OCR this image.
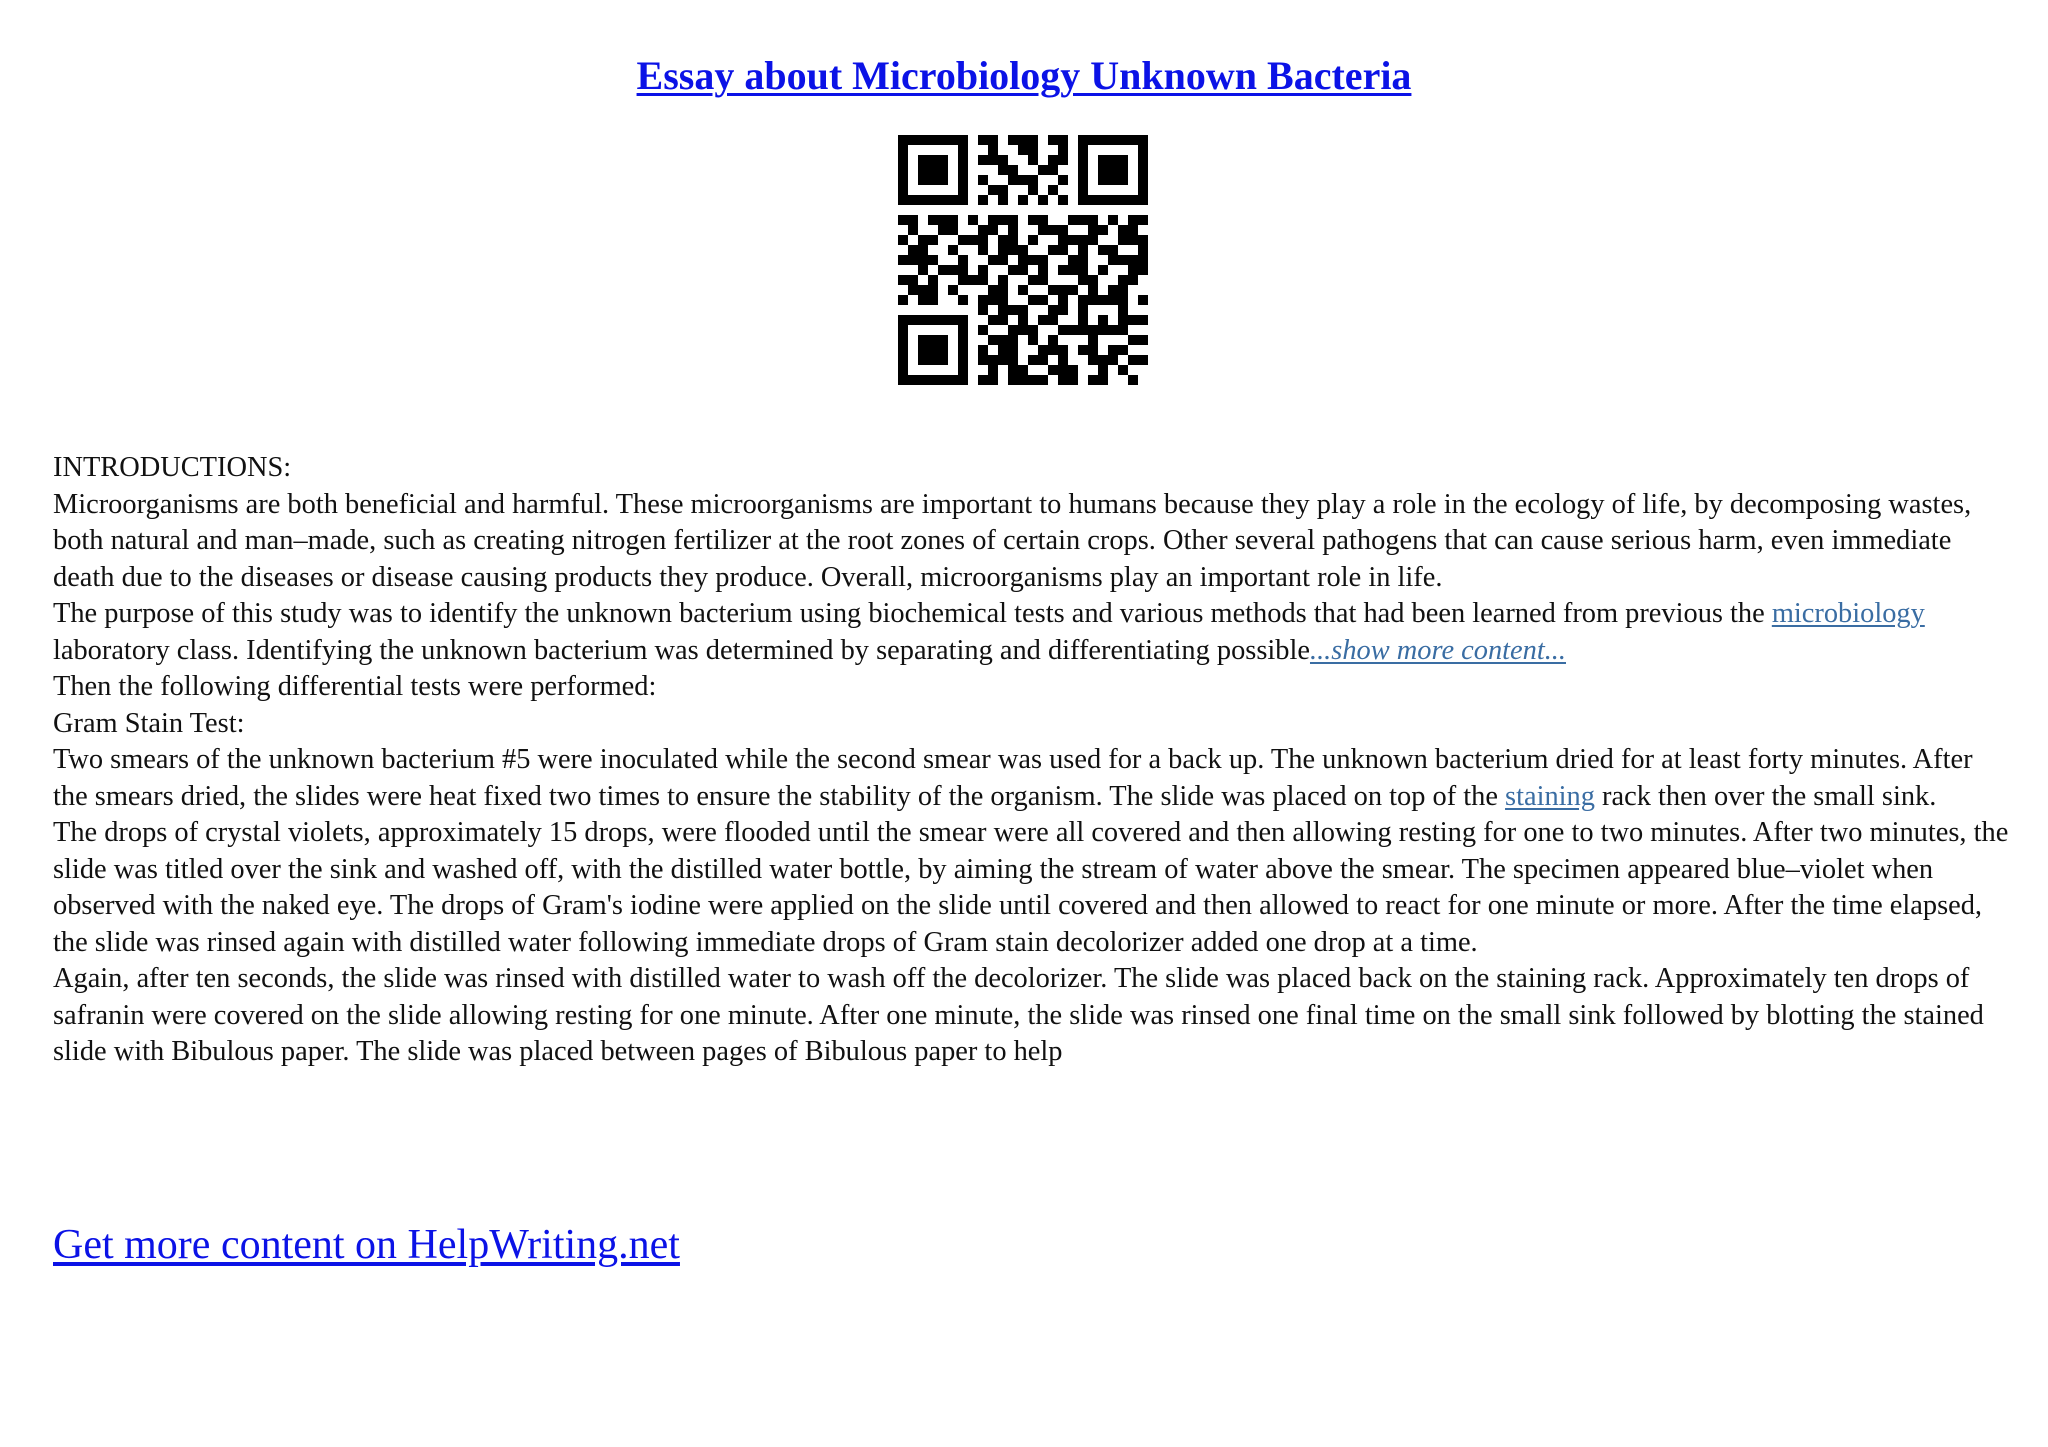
Essay about Microbiology Unknown Bacteria

INTRODUCTIONS:

Microorganisms are both beneficial and harmful. These microorganisms are important to humans because they play a role in the ecology of life, by decomposing wastes, both natural and man–made, such as creating nitrogen fertilizer at the root zones of certain crops. Other several pathogens that can cause serious harm, even immediate death due to the diseases or disease causing products they produce. Overall, microorganisms play an important role in life.

The purpose of this study was to identify the unknown bacterium using biochemical tests and various methods that had been learned from previous the microbiology laboratory class. Identifying the unknown bacterium was determined by separating and differentiating possible...show more content...

Then the following differential tests were performed:

Gram Stain Test:

Two smears of the unknown bacterium #5 were inoculated while the second smear was used for a back up. The unknown bacterium dried for at least forty minutes. After the smears dried, the slides were heat fixed two times to ensure the stability of the organism. The slide was placed on top of the staining rack then over the small sink.

The drops of crystal violets, approximately 15 drops, were flooded until the smear were all covered and then allowing resting for one to two minutes. After two minutes, the slide was titled over the sink and washed off, with the distilled water bottle, by aiming the stream of water above the smear. The specimen appeared blue–violet when observed with the naked eye. The drops of Gram's iodine were applied on the slide until covered and then allowed to react for one minute or more. After the time elapsed, the slide was rinsed again with distilled water following immediate drops of Gram stain decolorizer added one drop at a time.

Again, after ten seconds, the slide was rinsed with distilled water to wash off the decolorizer. The slide was placed back on the staining rack. Approximately ten drops of safranin were covered on the slide allowing resting for one minute. After one minute, the slide was rinsed one final time on the small sink followed by blotting the stained slide with Bibulous paper. The slide was placed between pages of Bibulous paper to help

Get more content on HelpWriting.net
